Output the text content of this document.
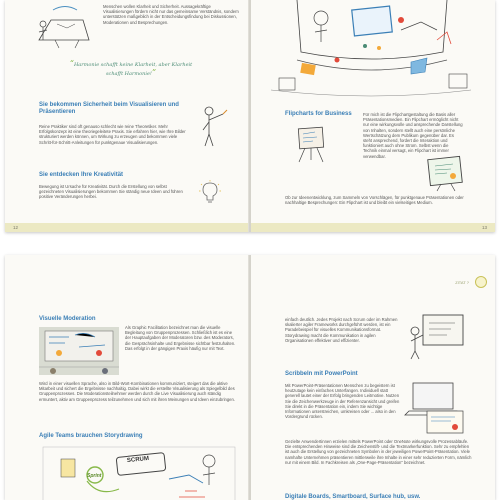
Menschen wollen Klarheit und Sicherheit. Aussagekräftige Visualisierungen fördern nicht nur das gemeinsame Verständnis, sondern unterstützen maßgeblich in der Entscheidungsfindung bei Diskussionen, Moderationen und Besprechungen.

“Harmonie schafft keine Klarheit, aber Klarheit schafft Harmonie!”

Sie bekommen Sicherheit beim Visualisieren und Präsentieren

Reine Praktiker sind oft genauso schlecht wie reine Theoretiker. Mehr Erfolgskonzept ist eine theoriegeleitete Praxis. Sie erfahren hier, wie Ihre Bilder strukturiert werden können, um Wirkung zu erzeugen und bekommen viele Schritt-für-Schritt-Anleitungen für punktgenaue Visualisierungen.

Sie entdecken Ihre Kreativität

Bewegung ist Ursache für Kreativität. Durch die Erstellung von selbst gezeichneten Visualisierungen bekommen Sie ständig neue Ideen und führen positive Veränderungen herbei.

12
Flipcharts for Business	Für mich ist die Flipchartgestaltung die Basis aller Präsentationsmedien. Ein Flipchart ermöglicht nicht nur eine wirkungsvolle und ansprechende Darstellung von Inhalten, sondern stellt auch eine persönliche Wertschätzung dem Publikum gegenüber dar. Es steht ansprechend, fordert die Interaktion und funktioniert auch ohne Strom. Selbst wenn die Technik einmal versagt, ein Flipchart ist immer verwendbar.

Ob zur Ideenentwicklung, zum Sammeln von Vorschlägen, für punktgenaue Präsentationen oder nachhaltige Besprechungen: Ein Flipchart ist und bleibt ein vielseitiges Medium.

13
Visuelle Moderation

Als Graphic Facilitation bezeichnet man die visuelle Begleitung von Gruppenprozessen. Schließlich ist es eine der Hauptaufgaben der Moderatoren bzw. des Moderators, die Gesprächsinhalte und Ergebnisse sichtbar festzuhalten. Das erfolgt in der gängigen Praxis häufig nur mit Text.

Wird in einer visuellen Sprache, also in Bild-Wort-Kombinationen kommuniziert, steigert das die aktive Mitarbeit und sichert die Ergebnisse nachhaltig. Dabei wirkt die erstellte Visualisierung als Spiegelbild des Gruppenprozesses. Die Moderationsteilnehmer werden durch die Live Visualisierung auch ständig ermuntert, aktiv am Gruppenprozess teilzunehmen und sich mit ihren Meinungen und Ideen einzubringen.

Agile Teams brauchen Storydrawing
SCRUM
Sprint
ZITAT ?

einfach deutlich. Jedes Projekt nach Scrum oder im Rahmen skalierter agiler Frameworks durchgeführt werden, ist ein Paradebeispiel für visuelles Kommunikationsformat. Storydrawing macht die Kommunikation in agilen Organisationen effektiver und effizienter.

Scribbeln mit PowerPoint

Mit PowerPoint-Präsentationen Menschen zu begeistern ist heutzutage kein einfaches Unterfangen. Individuell statt generell lautet einer der Erfolg bringenden Leitmotive. Nutzen Sie die Zeichenwerkzeuge in der Referenzansicht und greifen Sie direkt in die Präsentation ein, indem Sie wichtige Informationen unterstreichen, umkreisen oder ... also in den Vordergrund rücken.

Gezielte Anwendertinnen erzielen mittels PowerPoint oder OneNote wirkungsvolle Prozessabläufe. Die entsprechenden Hinweise sind die Zeichenstift- und die Textmarkerfunktion. Sehr zu empfehlen ist auch die Erstellung von gezeichneten Symbolen in der jeweiligen PowerPoint-Präsentation. Viele namhafte Unternehmen präsentieren mittlerweile ihre Inhalte in einer sehr reduzierten Form, nämlich nur mit einem Bild. In Fachkreisen als „One-Page-Präsentation" bezeichnet.

Digitale Boards, Smartboard, Surface hub, usw.
